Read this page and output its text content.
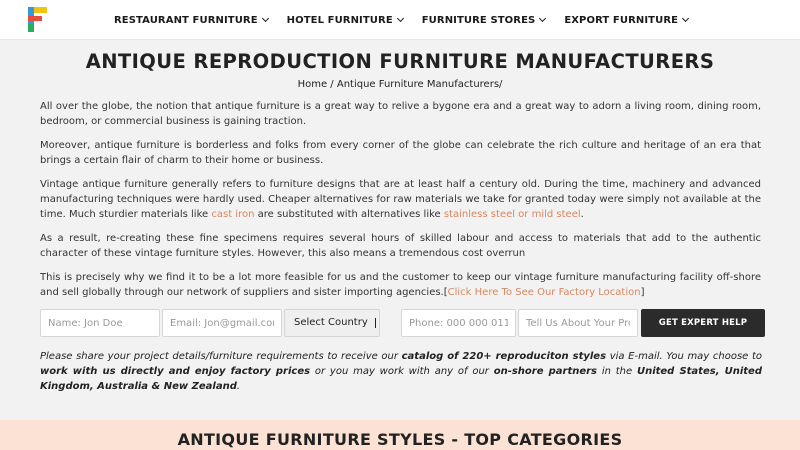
RESTAURANT FURNITURE	HOTEL FURNITURE	FURNITURE STORES	EXPORT FURNITURE
ANTIQUE REPRODUCTION FURNITURE MANUFACTURERS
Home / Antique Furniture Manufacturers/

All over the globe, the notion that antique furniture is a great way to relive a bygone era and a great way to adorn a living room, dining room, bedroom, or commercial business is gaining traction.

Moreover, antique furniture is borderless and folks from every corner of the globe can celebrate the rich culture and heritage of an era that brings a certain flair of charm to their home or business.

Vintage antique furniture generally refers to furniture designs that are at least half a century old. During the time, machinery and advanced manufacturing techniques were hardly used. Cheaper alternatives for raw materials we take for granted today were simply not available at the time. Much sturdier materials like cast iron are substituted with alternatives like stainless steel or mild steel.

As a result, re-creating these fine specimens requires several hours of skilled labour and access to materials that add to the authentic character of these vintage furniture styles. However, this also means a tremendous cost overrun

This is precisely why we find it to be a lot more feasible for us and the customer to keep our vintage furniture manufacturing facility off-shore and sell globally through our network of suppliers and sister importing agencies.[Click Here To See Our Factory Location]

Name: Jon Doe
Email: Jon@gmail.com
Select Country
Phone: 000 000 011
Tell Us About Your Project	GET EXPERT HELP
Please share your project details/furniture requirements to receive our catalog of 220+ reproduciton styles via E-mail. You may choose to work with us directly and enjoy factory prices or you may work with any of our on-shore partners in the United States, United Kingdom, Australia & New Zealand.
ANTIQUE FURNITURE STYLES - TOP CATEGORIES
